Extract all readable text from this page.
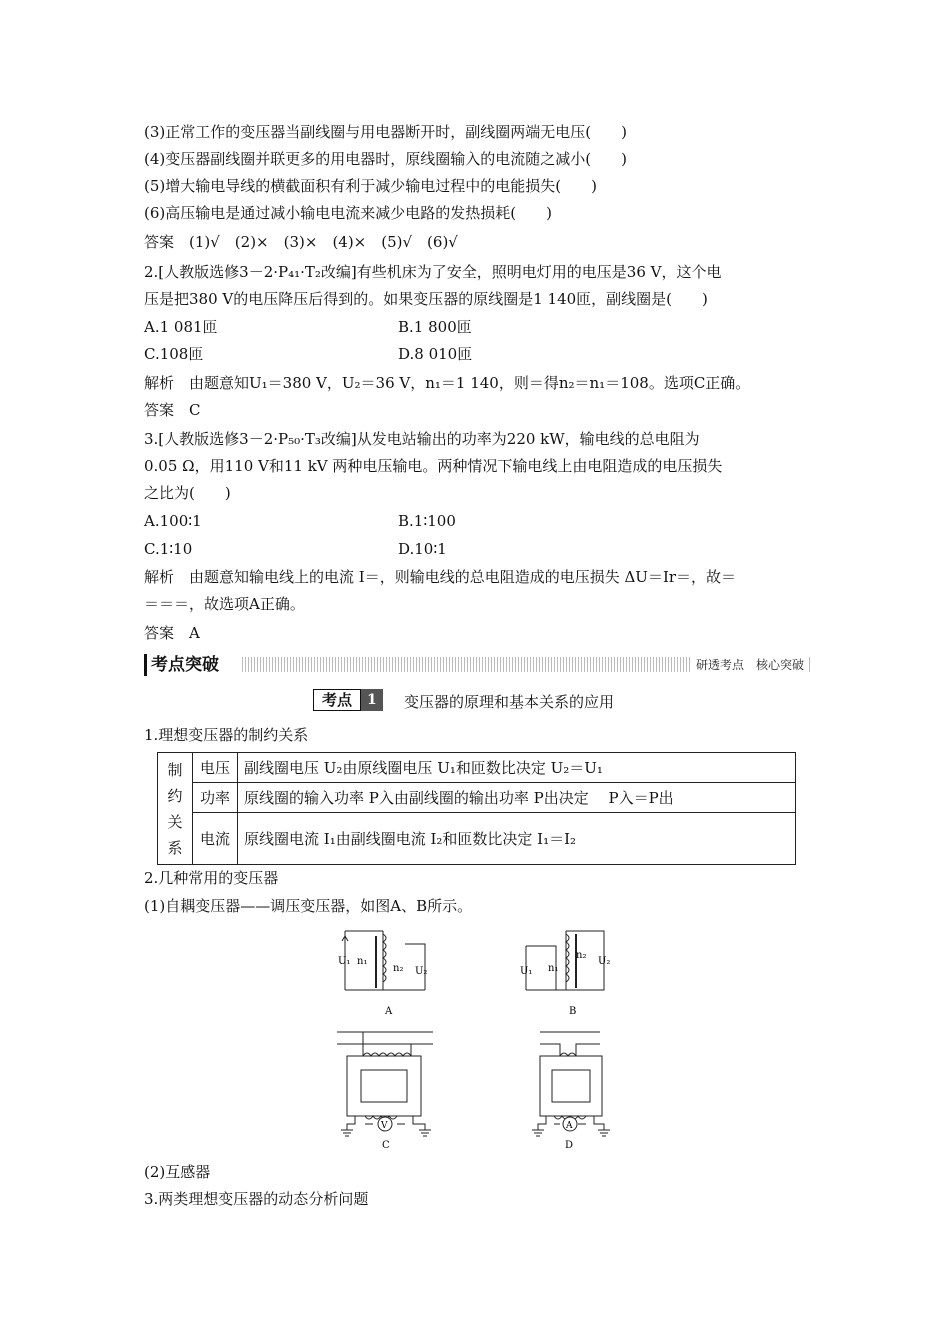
(3)正常工作的变压器当副线圈与用电器断开时，副线圈两端无电压(　　)
(4)变压器副线圈并联更多的用电器时，原线圈输入的电流随之减小(　　)
(5)增大输电导线的横截面积有利于减少输电过程中的电能损失(　　)
(6)高压输电是通过减小输电电流来减少电路的发热损耗(　　)
答案　(1)√　(2)×　(3)×　(4)×　(5)√　(6)√
2.[人教版选修3－2·P₄₁·T₂改编]有些机床为了安全，照明电灯用的电压是36 V，这个电
压是把380 V的电压降压后得到的。如果变压器的原线圈是1 140匝，副线圈是(　　)
A.1 081匝	B.1 800匝
C.108匝	D.8 010匝
解析　由题意知U₁＝380 V，U₂＝36 V，n₁＝1 140，则＝得n₂＝n₁＝108。选项C正确。
答案　C
3.[人教版选修3－2·P₅₀·T₃改编]从发电站输出的功率为220 kW，输电线的总电阻为
0.05 Ω，用110 V和11 kV 两种电压输电。两种情况下输电线上由电阻造成的电压损失
之比为(　　)
A.100∶1	B.1∶100
C.1∶10	D.10∶1
解析　由题意知输电线上的电流 I＝，则输电线的总电阻造成的电压损失 ΔU＝Ir＝，故＝
＝＝＝，故选项A正确。
答案　A
考点突破	研透考点　核心突破
考点	1	变压器的原理和基本关系的应用
1.理想变压器的制约关系
制
约
关
系	电压	副线圈电压 U₂由原线圈电压 U₁和匝数比决定 U₂＝U₁
	功率	原线圈的输入功率 P入由副线圈的输出功率 P出决定　 P入＝P出
	电流	原线圈电流 I₁由副线圈电流 I₂和匝数比决定 I₁＝I₂
2.几种常用的变压器
(1)自耦变压器——调压变压器，如图A、B所示。
U₁ n₁
n₂ U₂
A
U₁ n₁
n₂
U₂
B
V
C
A
D
(2)互感器
3.两类理想变压器的动态分析问题
